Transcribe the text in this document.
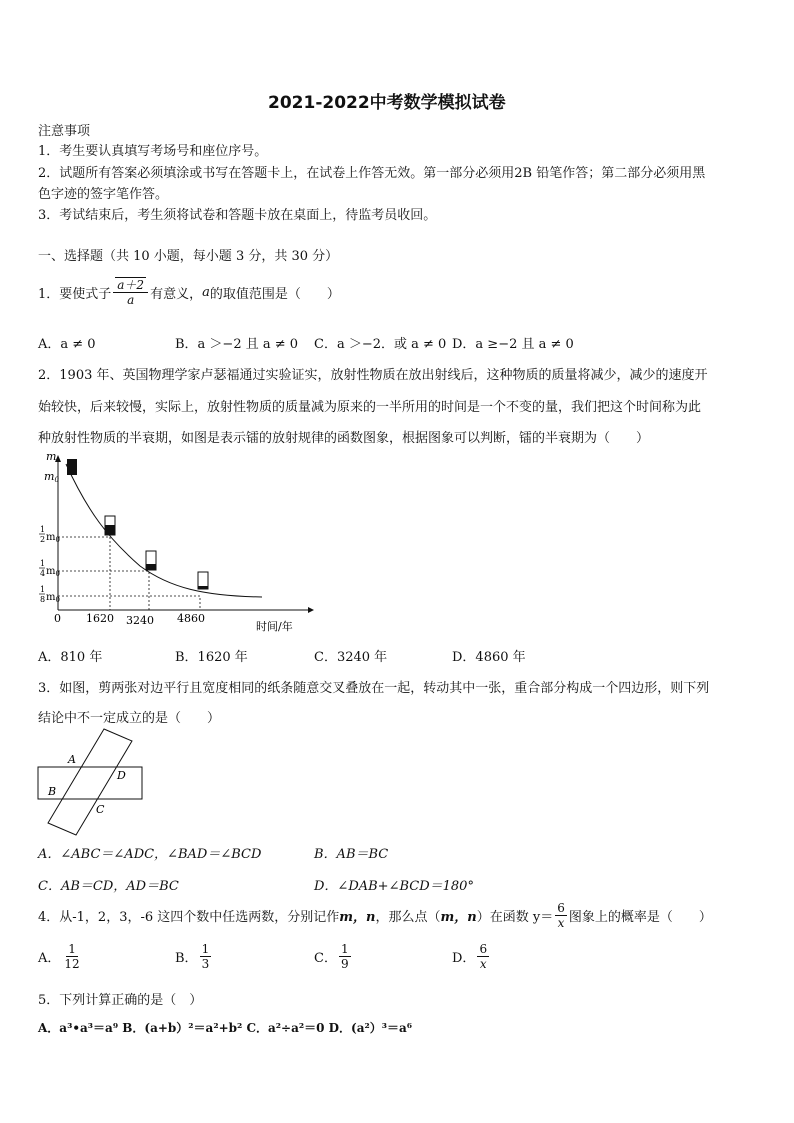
2021-2022中考数学模拟试卷
注意事项
1．考生要认真填写考场号和座位序号。
2．试题所有答案必须填涂或书写在答题卡上，在试卷上作答无效。第一部分必须用2B 铅笔作答；第二部分必须用黑
色字迹的签字笔作答。
3．考试结束后，考生须将试卷和答题卡放在桌面上，待监考员收回。
一、选择题（共 10 小题，每小题 3 分，共 30 分）
1．要使式子 $\frac{a+2}{a}$ 有意义， a 的取值范围是（　　）
A．a ≠ 0	B．a ＞−2 且 a ≠ 0 C．a ＞−2．或 a ≠ 0 D．a ≥−2 且 a ≠ 0
2．1903 年、英国物理学家卢瑟福通过实验证实，放射性物质在放出射线后，这种物质的质量将减少，减少的速度开
始较快，后来较慢，实际上，放射性物质的质量减为原来的一半所用的时间是一个不变的量，我们把这个时间称为此
种放射性物质的半衰期，如图是表示镭的放射规律的函数图象，根据图象可以判断，镭的半衰期为（　　）
m
时间/年
0 1620 3240 4860
m0
1
2 $m_0$
1
4 $m_0$
1
8 $m_0$
A．810 年	B．1620 年	C．3240 年	D．4860 年
3．如图，剪两张对边平行且宽度相同的纸条随意交叉叠放在一起，转动其中一张，重合部分构成一个四边形，则下列
结论中不一定成立的是（　　）
A
D
B
C
A．∠ABC＝∠ADC，∠BAD＝∠BCD	B．AB＝BC
C．AB＝CD，AD＝BC	D．∠DAB+∠BCD＝180°
4．从-1，2，3，-6 这四个数中任选两数，分别记作 m，n ，那么点（ m，n ）在函数 $y= \frac{6}{x}$ 图象上的概率是（　　）
A． $\frac{1}{12}$	B． $\frac{1}{3}$	C． $\frac{1}{9}$	D． $\frac{6}{x}$
5．下列计算正确的是（　）
A．a³•a³＝a⁹ B．(a+b）²＝a²+b² C．a²÷a²＝0 D．(a²）³＝a⁶
